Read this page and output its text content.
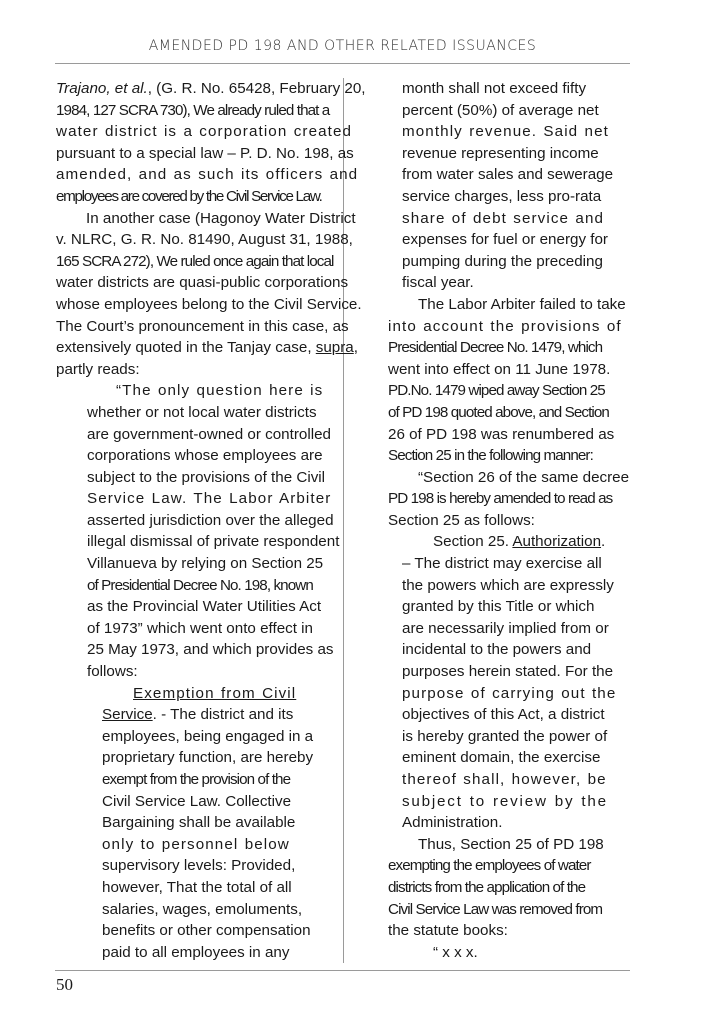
AMENDED PD 198 AND OTHER RELATED ISSUANCES
Trajano, et al., (G. R. No. 65428, February 20,
1984, 127 SCRA 730), We already ruled that a
water district is a corporation created
pursuant to a special law – P. D. No. 198, as
amended, and as such its officers and
employees are covered by the Civil Service Law.
In another case (Hagonoy Water District
v. NLRC, G. R. No. 81490, August 31, 1988,
165 SCRA 272), We ruled once again that local
water districts are quasi-public corporations
whose employees belong to the Civil Service.
The Court’s pronouncement in this case, as
extensively quoted in the Tanjay case, supra,
partly reads:
“The only question here is
whether or not local water districts
are government-owned or controlled
corporations whose employees are
subject to the provisions of the Civil
Service Law. The Labor Arbiter
asserted jurisdiction over the alleged
illegal dismissal of private respondent
Villanueva by relying on Section 25
of Presidential Decree No. 198, known
as the Provincial Water Utilities Act
of 1973” which went onto effect in
25 May 1973, and which provides as
follows:
Exemption from Civil
Service. - The district and its
employees, being engaged in a
proprietary function, are hereby
exempt from the provision of the
Civil Service Law. Collective
Bargaining shall be available
only to personnel below
supervisory levels: Provided,
however, That the total of all
salaries, wages, emoluments,
benefits or other compensation
paid to all employees in any
month shall not exceed fifty
percent (50%) of average net
monthly revenue. Said net
revenue representing income
from water sales and sewerage
service charges, less pro-rata
share of debt service and
expenses for fuel or energy for
pumping during the preceding
fiscal year.
The Labor Arbiter failed to take
into account the provisions of
Presidential Decree No. 1479, which
went into effect on 11 June 1978.
PD.No. 1479 wiped away Section 25
of PD 198 quoted above, and Section
26 of PD 198 was renumbered as
Section 25 in the following manner:
“Section 26 of the same decree
PD 198 is hereby amended to read as
Section 25 as follows:
Section 25. Authorization.
– The district may exercise all
the powers which are expressly
granted by this Title or which
are necessarily implied from or
incidental to the powers and
purposes herein stated. For the
purpose of carrying out the
objectives of this Act, a district
is hereby granted the power of
eminent domain, the exercise
thereof shall, however, be
subject to review by the
Administration.
Thus, Section 25 of PD 198
exempting the employees of water
districts from the application of the
Civil Service Law was removed from
the statute books:
“ x x x.
50
